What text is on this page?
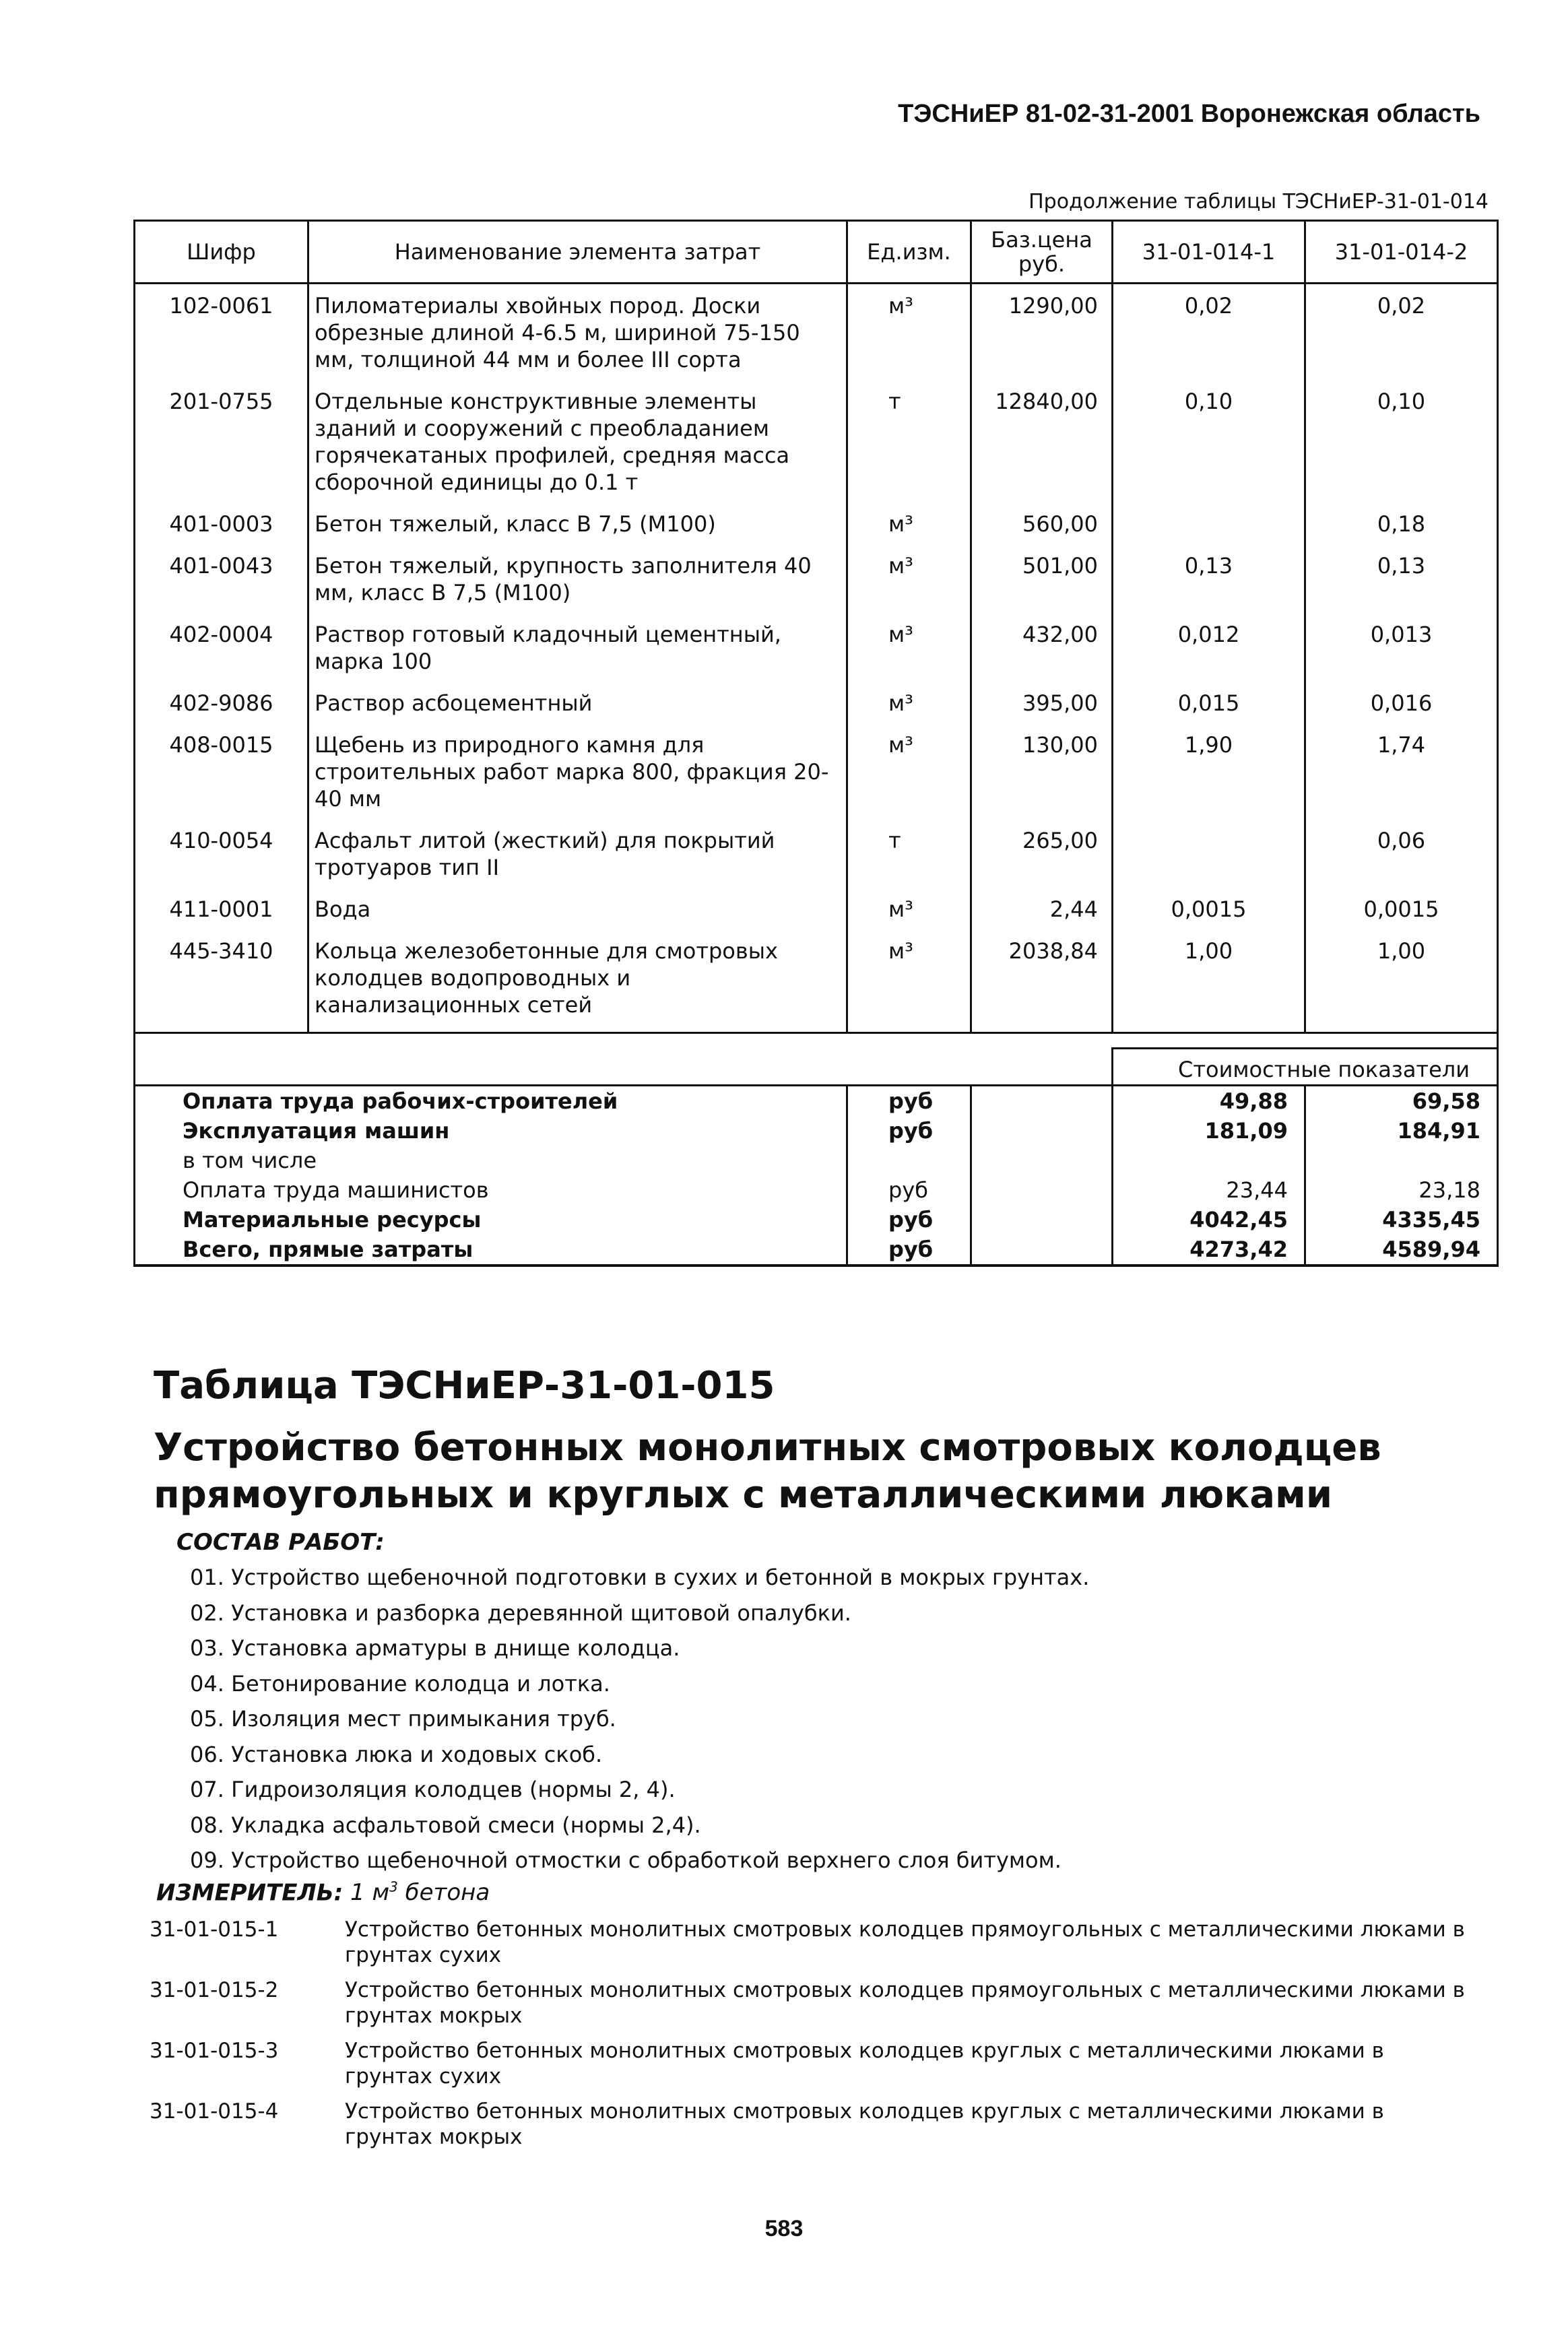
ТЭСНиЕР 81-02-31-2001 Воронежская область
Продолжение таблицы ТЭСНиЕР-31-01-014
Шифр	Наименование элемента затрат	Ед.изм.	Баз.цена руб.	31-01-014-1	31-01-014-2
102-0061	Пиломатериалы хвойных пород. Доски обрезные длиной 4-6.5 м, шириной 75-150 мм, толщиной 44 мм и более III сорта	м³	1290,00	0,02	0,02
201-0755	Отдельные конструктивные элементы зданий и сооружений с преобладанием горячекатаных профилей, средняя масса сборочной единицы до 0.1 т	т	12840,00	0,10	0,10
401-0003	Бетон тяжелый, класс В 7,5 (М100)	м³	560,00		0,18
401-0043	Бетон тяжелый, крупность заполнителя 40 мм, класс В 7,5 (М100)	м³	501,00	0,13	0,13
402-0004	Раствор готовый кладочный цементный, марка 100	м³	432,00	0,012	0,013
402-9086	Раствор асбоцементный	м³	395,00	0,015	0,016
408-0015	Щебень из природного камня для строительных работ марка 800, фракция 20-40 мм	м³	130,00	1,90	1,74
410-0054	Асфальт литой (жесткий) для покрытий тротуаров тип II	т	265,00		0,06
411-0001	Вода	м³	2,44	0,0015	0,0015
445-3410	Кольца железобетонные для смотровых колодцев водопроводных и канализационных сетей	м³	2038,84	1,00	1,00

				Стоимостные показатели	
Оплата труда рабочих-строителей		руб		49,88	69,58
Эксплуатация машин		руб		181,09	184,91
в том числе					
Оплата труда машинистов		руб		23,44	23,18
Материальные ресурсы		руб		4042,45	4335,45
Всего, прямые затраты		руб		4273,42	4589,94
Таблица ТЭСНиЕР-31-01-015
Устройство бетонных монолитных смотровых колодцев прямоугольных и круглых с металлическими люками
СОСТАВ РАБОТ:
01. Устройство щебеночной подготовки в сухих и бетонной в мокрых грунтах.
02. Установка и разборка деревянной щитовой опалубки.
03. Установка арматуры в днище колодца.
04. Бетонирование колодца и лотка.
05. Изоляция мест примыкания труб.
06. Установка люка и ходовых скоб.
07. Гидроизоляция колодцев (нормы 2, 4).
08. Укладка асфальтовой смеси (нормы 2,4).
09. Устройство щебеночной отмостки с обработкой верхнего слоя битумом.
ИЗМЕРИТЕЛЬ: 1 $м^3$ бетона
31-01-015-1	Устройство бетонных монолитных смотровых колодцев прямоугольных с металлическими люками в грунтах сухих
31-01-015-2	Устройство бетонных монолитных смотровых колодцев прямоугольных с металлическими люками в грунтах мокрых
31-01-015-3	Устройство бетонных монолитных смотровых колодцев круглых с металлическими люками в грунтах сухих
31-01-015-4	Устройство бетонных монолитных смотровых колодцев круглых с металлическими люками в грунтах мокрых
583
